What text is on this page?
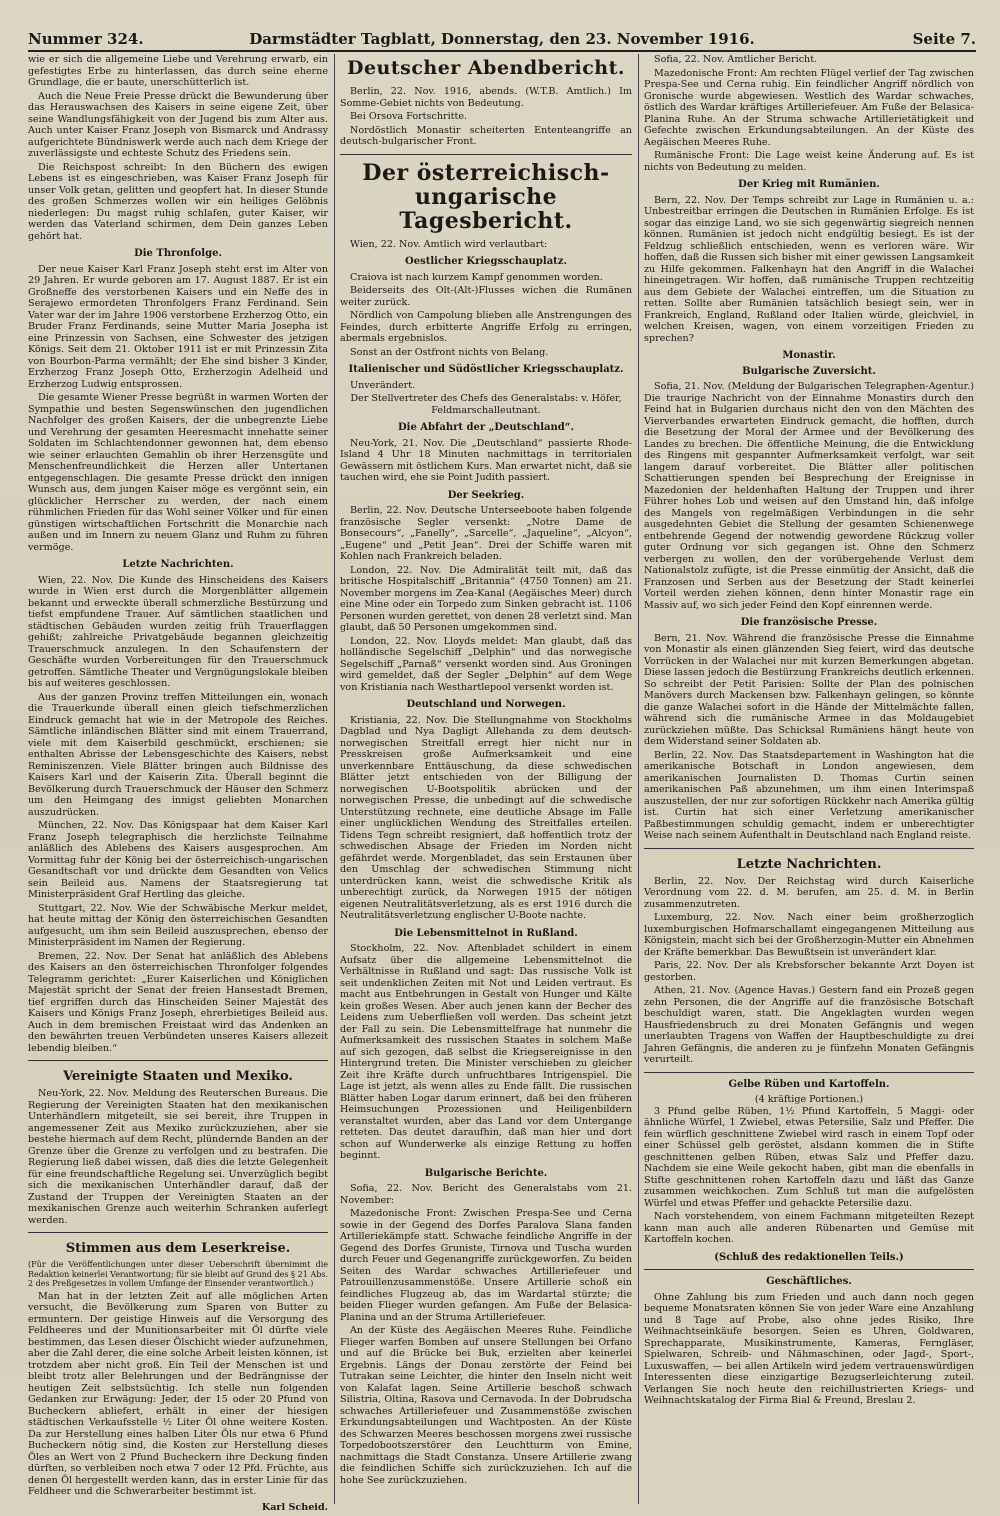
Nummer 324.	Darmstädter Tagblatt, Donnerstag, den 23. November 1916.	Seite 7.

wie er sich die allgemeine Liebe und Verehrung erwarb, ein gefestigtes Erbe zu hinterlassen, das durch seine eherne Grundlage, die er baute, unerschütterlich ist.

Auch die Neue Freie Presse drückt die Bewunderung über das Herauswachsen des Kaisers in seine eigene Zeit, über seine Wandlungsfähigkeit von der Jugend bis zum Alter aus. Auch unter Kaiser Franz Joseph von Bismarck und Andrassy aufgerichtete Bündniswerk werde auch nach dem Kriege der zuverlässigste und echteste Schutz des Friedens sein.

Die Reichspost schreibt: In den Büchern des ewigen Lebens ist es eingeschrieben, was Kaiser Franz Joseph für unser Volk getan, gelitten und geopfert hat. In dieser Stunde des großen Schmerzes wollen wir ein heiliges Gelöbnis niederlegen: Du magst ruhig schlafen, guter Kaiser, wir werden das Vaterland schirmen, dem Dein ganzes Leben gehört hat.

Die Thronfolge.

Der neue Kaiser Karl Franz Joseph steht erst im Alter von 29 Jahren. Er wurde geboren am 17. August 1887. Er ist ein Großneffe des verstorbenen Kaisers und ein Neffe des in Serajewo ermordeten Thronfolgers Franz Ferdinand. Sein Vater war der im Jahre 1906 verstorbene Erzherzog Otto, ein Bruder Franz Ferdinands, seine Mutter Maria Josepha ist eine Prinzessin von Sachsen, eine Schwester des jetzigen Königs. Seit dem 21. Oktober 1911 ist er mit Prinzessin Zita von Bourbon-Parma vermählt; der Ehe sind bisher 3 Kinder, Erzherzog Franz Joseph Otto, Erzherzogin Adelheid und Erzherzog Ludwig entsprossen.

Die gesamte Wiener Presse begrüßt in warmen Worten der Sympathie und besten Segenswünschen den jugendlichen Nachfolger des großen Kaisers, der die unbegrenzte Liebe und Verehrung der gesamten Heeresmacht innehatte seiner Soldaten im Schlachtendonner gewonnen hat, dem ebenso wie seiner erlauchten Gemahlin ob ihrer Herzensgüte und Menschenfreundlichkeit die Herzen aller Untertanen entgegenschlagen. Die gesamte Presse drückt den innigen Wunsch aus, dem jungen Kaiser möge es vergönnt sein, ein glücklicher Herrscher zu werden, der nach einem rühmlichen Frieden für das Wohl seiner Völker und für einen günstigen wirtschaftlichen Fortschritt die Monarchie nach außen und im Innern zu neuem Glanz und Ruhm zu führen vermöge.

Letzte Nachrichten.

Wien, 22. Nov. Die Kunde des Hinscheidens des Kaisers wurde in Wien erst durch die Morgenblätter allgemein bekannt und erweckte überall schmerzliche Bestürzung und tiefst empfundene Trauer. Auf sämtlichen staatlichen und städtischen Gebäuden wurden zeitig früh Trauerflaggen gehißt; zahlreiche Privatgebäude begannen gleichzeitig Trauerschmuck anzulegen. In den Schaufenstern der Geschäfte wurden Vorbereitungen für den Trauerschmuck getroffen. Sämtliche Theater und Vergnügungslokale bleiben bis auf weiteres geschlossen.

Aus der ganzen Provinz treffen Mitteilungen ein, wonach die Trauerkunde überall einen gleich tiefschmerzlichen Eindruck gemacht hat wie in der Metropole des Reiches. Sämtliche inländischen Blätter sind mit einem Trauerrand, viele mit dem Kaiserbild geschmückt, erschienen; sie enthalten Abrisse der Lebensgeschichte des Kaisers, nebst Reminiszenzen. Viele Blätter bringen auch Bildnisse des Kaisers Karl und der Kaiserin Zita. Überall beginnt die Bevölkerung durch Trauerschmuck der Häuser den Schmerz um den Heimgang des innigst geliebten Monarchen auszudrücken.

München, 22. Nov. Das Königspaar hat dem Kaiser Karl Franz Joseph telegraphisch die herzlichste Teilnahme anläßlich des Ablebens des Kaisers ausgesprochen. Am Vormittag fuhr der König bei der österreichisch-ungarischen Gesandtschaft vor und drückte dem Gesandten von Velics sein Beileid aus. Namens der Staatsregierung tat Ministerpräsident Graf Hertling das gleiche.

Stuttgart, 22. Nov. Wie der Schwäbische Merkur meldet, hat heute mittag der König den österreichischen Gesandten aufgesucht, um ihm sein Beileid auszusprechen, ebenso der Ministerpräsident im Namen der Regierung.

Bremen, 22. Nov. Der Senat hat anläßlich des Ablebens des Kaisers an den österreichischen Thronfolger folgendes Telegramm gerichtet: „Eurer Kaiserlichen und Königlichen Majestät spricht der Senat der freien Hansestadt Bremen, tief ergriffen durch das Hinscheiden Seiner Majestät des Kaisers und Königs Franz Joseph, ehrerbietiges Beileid aus. Auch in dem bremischen Freistaat wird das Andenken an den bewährten treuen Verbündeten unseres Kaisers allezeit lebendig bleiben.“

Vereinigte Staaten und Mexiko.

Neu-York, 22. Nov. Meldung des Reuterschen Bureaus. Die Regierung der Vereinigten Staaten hat den mexikanischen Unterhändlern mitgeteilt, sie sei bereit, ihre Truppen in angemessener Zeit aus Mexiko zurückzuziehen, aber sie bestehe hiermach auf dem Recht, plündernde Banden an der Grenze über die Grenze zu verfolgen und zu bestrafen. Die Regierung ließ dabei wissen, daß dies die letzte Gelegenheit für eine freundschaftliche Regelung sei. Unverzüglich begibt sich die mexikanischen Unterhändler darauf, daß der Zustand der Truppen der Vereinigten Staaten an der mexikanischen Grenze auch weiterhin Schranken auferlegt werden.

Stimmen aus dem Leserkreise.

(Für die Veröffentlichungen unter dieser Ueberschrift übernimmt die Redaktion keinerlei Verantwortung; für sie bleibt auf Grund des § 21 Abs. 2 des Preßgesetzes in vollem Umfange der Einsender verantwortlich.)

Man hat in der letzten Zeit auf alle möglichen Arten versucht, die Bevölkerung zum Sparen von Butter zu ermuntern. Der geistige Hinweis auf die Versorgung des Feldheeres und der Munitionsarbeiter mit Öl dürfte viele bestimmen, das Lesen dieser Ölschicht wieder aufzunehmen, aber die Zahl derer, die eine solche Arbeit leisten können, ist trotzdem aber nicht groß. Ein Teil der Menschen ist und bleibt trotz aller Belehrungen und der Bedrängnisse der heutigen Zeit selbstsüchtig. Ich stelle nun folgenden Gedanken zur Erwägung: Jeder, der 15 oder 20 Pfund von Bucheckern abliefert, erhält in einer der hiesigen städtischen Verkaufsstelle ½ Liter Öl ohne weitere Kosten. Da zur Herstellung eines halben Liter Öls nur etwa 6 Pfund Bucheckern nötig sind, die Kosten zur Herstellung dieses Öles an Wert von 2 Pfund Bucheckern ihre Deckung finden dürften, so verbleiben noch etwa 7 oder 12 Pfd. Früchte, aus denen Öl hergestellt werden kann, das in erster Linie für das Feldheer und die Schwerarbeiter bestimmt ist.

Karl Scheid.
Deutscher Abendbericht.

Berlin, 22. Nov. 1916, abends. (W.T.B. Amtlich.) Im Somme-Gebiet nichts von Bedeutung.

Bei Orsova Fortschritte.

Nordöstlich Monastir scheiterten Ententeangriffe an deutsch-bulgarischer Front.

Der österreichisch-ungarische Tagesbericht.

Wien, 22. Nov. Amtlich wird verlautbart:

Oestlicher Kriegsschauplatz.

Craiova ist nach kurzem Kampf genommen worden.

Beiderseits des Olt-(Alt-)Flusses wichen die Rumänen weiter zurück.

Nördlich von Campolung blieben alle Anstrengungen des Feindes, durch erbitterte Angriffe Erfolg zu erringen, abermals ergebnislos.

Sonst an der Ostfront nichts von Belang.

Italienischer und Südöstlicher Kriegsschauplatz.

Unverändert.

Der Stellvertreter des Chefs des Generalstabs: v. Höfer, Feldmarschalleutnant.

Die Abfahrt der „Deutschland“.

Neu-York, 21. Nov. Die „Deutschland“ passierte Rhode-Island 4 Uhr 18 Minuten nachmittags in territorialen Gewässern mit östlichem Kurs. Man erwartet nicht, daß sie tauchen wird, ehe sie Point Judith passiert.

Der Seekrieg.

Berlin, 22. Nov. Deutsche Unterseeboote haben folgende französische Segler versenkt: „Notre Dame de Bonsecours“, „Fanelly“, „Sarcelle“, „Jaqueline“, „Alcyon“, „Eugene“ und „Petit Jean“. Drei der Schiffe waren mit Kohlen nach Frankreich beladen.

London, 22. Nov. Die Admiralität teilt mit, daß das britische Hospitalschiff „Britannia“ (4750 Tonnen) am 21. November morgens im Zea-Kanal (Aegäisches Meer) durch eine Mine oder ein Torpedo zum Sinken gebracht ist. 1106 Personen wurden gerettet, von denen 28 verletzt sind. Man glaubt, daß 50 Personen umgekommen sind.

London, 22. Nov. Lloyds meldet: Man glaubt, daß das holländische Segelschiff „Delphin“ und das norwegische Segelschiff „Parnaß“ versenkt worden sind. Aus Groningen wird gemeldet, daß der Segler „Delphin“ auf dem Wege von Kristiania nach Westhartlepool versenkt worden ist.

Deutschland und Norwegen.

Kristiania, 22. Nov. Die Stellungnahme von Stockholms Dagblad und Nya Dagligt Allehanda zu dem deutsch-norwegischen Streitfall erregt hier nicht nur in Presskreisen große Aufmerksamkeit und eine unverkennbare Enttäuschung, da diese schwedischen Blätter jetzt entschieden von der Billigung der norwegischen U-Bootspolitik abrücken und der norwegischen Presse, die unbedingt auf die schwedische Unterstützung rechnete, eine deutliche Absage im Falle einer unglücklichen Wendung des Streitfalles erteilen. Tidens Tegn schreibt resigniert, daß hoffentlich trotz der schwedischen Absage der Frieden im Norden nicht gefährdet werde. Morgenbladet, das sein Erstaunen über den Umschlag der schwedischen Stimmung nicht unterdrücken kann, weist die schwedische Kritik als unberechtigt zurück, da Norwegen 1915 der nötigen eigenen Neutralitätsverletzung, als es erst 1916 durch die Neutralitätsverletzung englischer U-Boote nachte.

Die Lebensmittelnot in Rußland.

Stockholm, 22. Nov. Aftenbladet schildert in einem Aufsatz über die allgemeine Lebensmittelnot die Verhältnisse in Rußland und sagt: Das russische Volk ist seit undenklichen Zeiten mit Not und Leiden vertraut. Es macht aus Entbehrungen in Gestalt von Hunger und Kälte kein großes Wesen. Aber auch jenen kann der Becher des Leidens zum Ueberfließen voll werden. Das scheint jetzt der Fall zu sein. Die Lebensmittelfrage hat nunmehr die Aufmerksamkeit des russischen Staates in solchem Maße auf sich gezogen, daß selbst die Kriegsereignisse in den Hintergrund treten. Die Minister verschieben zu gleicher Zeit ihre Kräfte durch unfruchtbares Intrigenspiel. Die Lage ist jetzt, als wenn alles zu Ende fällt. Die russischen Blätter haben Logar darum erinnert, daß bei den früheren Heimsuchungen Prozessionen und Heiligenbildern veranstaltet wurden, aber das Land vor dem Untergange retteten. Das deutet daraufhin, daß man hier und dort schon auf Wunderwerke als einzige Rettung zu hoffen beginnt.

Bulgarische Berichte.

Sofia, 22. Nov. Bericht des Generalstabs vom 21. November:

Mazedonische Front: Zwischen Prespa-See und Cerna sowie in der Gegend des Dorfes Paralova Slana fanden Artilleriekämpfe statt. Schwache feindliche Angriffe in der Gegend des Dorfes Gruniste, Tirnova und Tuscha wurden durch Feuer und Gegenangriffe zurückgeworfen. Zu beiden Seiten des Wardar schwaches Artilleriefeuer und Patrouillenzusammenstöße. Unsere Artillerie schoß ein feindliches Flugzeug ab, das im Wardartal stürzte; die beiden Flieger wurden gefangen. Am Fuße der Belasica-Planina und an der Struma Artilleriefeuer.

An der Küste des Aegäischen Meeres Ruhe. Feindliche Flieger warfen Bomben auf unsere Stellungen bei Orfano und auf die Brücke bei Buk, erzielten aber keinerlei Ergebnis. Längs der Donau zerstörte der Feind bei Tutrakan seine Leichter, die hinter den Inseln nicht weit von Kalafat lagen. Seine Artillerie beschoß schwach Silistria, Oltina, Rasova und Cernavoda. In der Dobrudscha schwaches Artilleriefeuer und Zusammenstöße zwischen Erkundungsabteilungen und Wachtposten. An der Küste des Schwarzen Meeres beschossen morgens zwei russische Torpedobootszerstörer den Leuchtturm von Emine, nachmittags die Stadt Constanza. Unsere Artillerie zwang die feindlichen Schiffe sich zurückzuziehen. Ich auf die hohe See zurückzuziehen.

Sofia, 22. Nov. Amtlicher Bericht.

Mazedonische Front: Am rechten Flügel verlief der Tag zwischen Prespa-See und Cerna ruhig. Ein feindlicher Angriff nördlich von Gronische wurde abgewiesen. Westlich des Wardar schwaches, östlich des Wardar kräftiges Artilleriefeuer. Am Fuße der Belasica-Planina Ruhe. An der Struma schwache Artillerietätigkeit und Gefechte zwischen Erkundungsabteilungen. An der Küste des Aegäischen Meeres Ruhe.

Rumänische Front: Die Lage weist keine Änderung auf. Es ist nichts von Bedeutung zu melden.

Der Krieg mit Rumänien.

Bern, 22. Nov. Der Temps schreibt zur Lage in Rumänien u. a.: Unbestreitbar erringen die Deutschen in Rumänien Erfolge. Es ist sogar das einzige Land, wo sie sich gegenwärtig siegreich nennen können. Rumänien ist jedoch nicht endgültig besiegt. Es ist der Feldzug schließlich entschieden, wenn es verloren wäre. Wir hoffen, daß die Russen sich bisher mit einer gewissen Langsamkeit zu Hilfe gekommen. Falkenhayn hat den Angriff in die Walachei hineingetragen. Wir hoffen, daß rumänische Truppen rechtzeitig aus dem Gebiete der Walachei eintreffen, um die Situation zu retten. Sollte aber Rumänien tatsächlich besiegt sein, wer in Frankreich, England, Rußland oder Italien würde, gleichviel, in welchen Kreisen, wagen, von einem vorzeitigen Frieden zu sprechen?

Monastir.
Bulgarische Zuversicht.

Sofia, 21. Nov. (Meldung der Bulgarischen Telegraphen-Agentur.) Die traurige Nachricht von der Einnahme Monastirs durch den Feind hat in Bulgarien durchaus nicht den von den Mächten des Vierverbandes erwarteten Eindruck gemacht, die hofften, durch die Besetzung der Moral der Armee und der Bevölkerung des Landes zu brechen. Die öffentliche Meinung, die die Entwicklung des Ringens mit gespannter Aufmerksamkeit verfolgt, war seit langem darauf vorbereitet. Die Blätter aller politischen Schattierungen spenden bei Besprechung der Ereignisse in Mazedonien der heldenhaften Haltung der Truppen und ihrer Führer hohes Lob und weisen auf den Umstand hin, daß infolge des Mangels von regelmäßigen Verbindungen in die sehr ausgedehnten Gebiet die Stellung der gesamten Schienenwege entbehrende Gegend der notwendig gewordene Rückzug voller guter Ordnung vor sich gegangen ist. Ohne den Schmerz verbergen zu wollen, den der vorübergehende Verlust dem Nationalstolz zufügte, ist die Presse einmütig der Ansicht, daß die Franzosen und Serben aus der Besetzung der Stadt keinerlei Vorteil werden ziehen können, denn hinter Monastir rage ein Massiv auf, wo sich jeder Feind den Kopf einrennen werde.

Die französische Presse.

Bern, 21. Nov. Während die französische Presse die Einnahme von Monastir als einen glänzenden Sieg feiert, wird das deutsche Vorrücken in der Walachei nur mit kurzen Bemerkungen abgetan. Diese lassen jedoch die Bestürzung Frankreichs deutlich erkennen. So schreibt der Petit Parisien: Sollte der Plan des polnischen Manövers durch Mackensen bzw. Falkenhayn gelingen, so könnte die ganze Walachei sofort in die Hände der Mittelmächte fallen, während sich die rumänische Armee in das Moldaugebiet zurückziehen müßte. Das Schicksal Rumäniens hängt heute von dem Widerstand seiner Soldaten ab.

Berlin, 22. Nov. Das Staatsdepartement in Washington hat die amerikanische Botschaft in London angewiesen, dem amerikanischen Journalisten D. Thomas Curtin seinen amerikanischen Paß abzunehmen, um ihm einen Interimspaß auszustellen, der nur zur sofortigen Rückkehr nach Amerika gültig ist. Curtin hat sich einer Verletzung amerikanischer Paßbestimmungen schuldig gemacht, indem er unberechtigter Weise nach seinem Aufenthalt in Deutschland nach England reiste.

Letzte Nachrichten.

Berlin, 22. Nov. Der Reichstag wird durch Kaiserliche Verordnung vom 22. d. M. berufen, am 25. d. M. in Berlin zusammenzutreten.

Luxemburg, 22. Nov. Nach einer beim großherzoglich luxemburgischen Hofmarschallamt eingegangenen Mitteilung aus Königstein, macht sich bei der Großherzogin-Mutter ein Abnehmen der Kräfte bemerkbar. Das Bewußtsein ist unverändert klar.

Paris, 22. Nov. Der als Krebsforscher bekannte Arzt Doyen ist gestorben.

Athen, 21. Nov. (Agence Havas.) Gestern fand ein Prozeß gegen zehn Personen, die der Angriffe auf die französische Botschaft beschuldigt waren, statt. Die Angeklagten wurden wegen Hausfriedensbruch zu drei Monaten Gefängnis und wegen unerlaubten Tragens von Waffen der Hauptbeschuldigte zu drei Jahren Gefängnis, die anderen zu je fünfzehn Monaten Gefängnis verurteilt.

Gelbe Rüben und Kartoffeln.
(4 kräftige Portionen.)

3 Pfund gelbe Rüben, 1½ Pfund Kartoffeln, 5 Maggi- oder ähnliche Würfel, 1 Zwiebel, etwas Petersilie, Salz und Pfeffer. Die fein würflich geschnittene Zwiebel wird rasch in einem Topf oder einer Schüssel gelb geröstet, alsdann kommen die in Stifte geschnittenen gelben Rüben, etwas Salz und Pfeffer dazu. Nachdem sie eine Weile gekocht haben, gibt man die ebenfalls in Stifte geschnittenen rohen Kartoffeln dazu und läßt das Ganze zusammen weichkochen. Zum Schluß tut man die aufgelösten Würfel und etwas Pfeffer und gehackte Petersilie dazu.

Nach vorstehendem, von einem Fachmann mitgeteilten Rezept kann man auch alle anderen Rübenarten und Gemüse mit Kartoffeln kochen.

(Schluß des redaktionellen Teils.)
Geschäftliches.

Ohne Zahlung bis zum Frieden und auch dann noch gegen bequeme Monatsraten können Sie von jeder Ware eine Anzahlung und 8 Tage auf Probe, also ohne jedes Risiko, Ihre Weihnachtseinkäufe besorgen. Seien es Uhren, Goldwaren, Sprechapparate, Musikinstrumente, Kameras, Ferngläser, Spielwaren, Schreib- und Nähmaschinen, oder Jagd-, Sport-, Luxuswaffen, — bei allen Artikeln wird jedem vertrauenswürdigen Interessenten diese einzigartige Bezugserleichterung zuteil. Verlangen Sie noch heute den reichillustrierten Kriegs- und Weihnachtskatalog der Firma Bial & Freund, Breslau 2.
